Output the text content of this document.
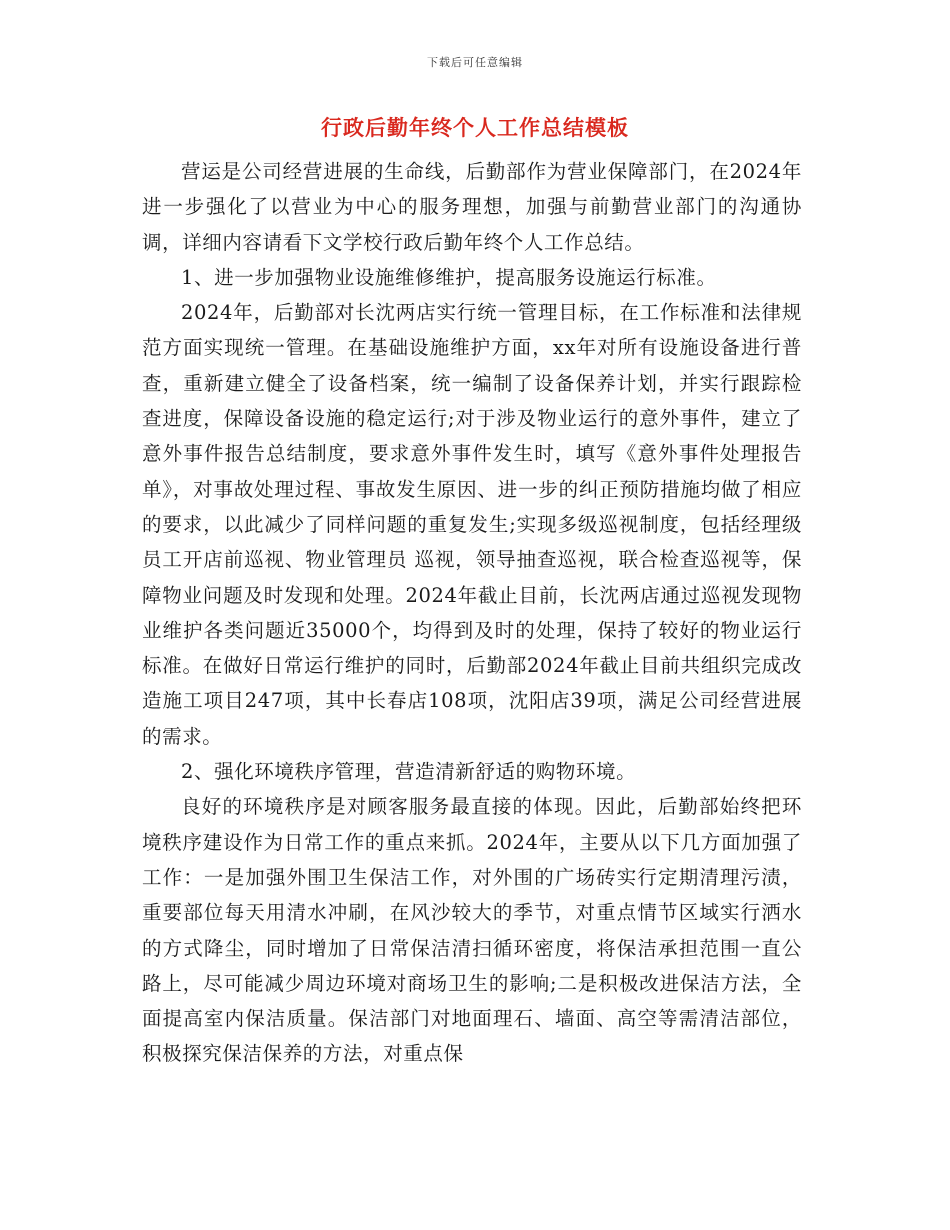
下载后可任意编辑
行政后勤年终个人工作总结模板

营运是公司经营进展的生命线，后勤部作为营业保障部门，在2024年进一步强化了以营业为中心的服务理想，加强与前勤营业部门的沟通协调，详细内容请看下文学校行政后勤年终个人工作总结。

1、进一步加强物业设施维修维护，提高服务设施运行标准。

2024年，后勤部对长沈两店实行统一管理目标，在工作标准和法律规范方面实现统一管理。在基础设施维护方面，xx年对所有设施设备进行普查，重新建立健全了设备档案，统一编制了设备保养计划，并实行跟踪检查进度，保障设备设施的稳定运行;对于涉及物业运行的意外事件，建立了意外事件报告总结制度，要求意外事件发生时，填写《意外事件处理报告单》，对事故处理过程、事故发生原因、进一步的纠正预防措施均做了相应的要求，以此减少了同样问题的重复发生;实现多级巡视制度，包括经理级员工开店前巡视、物业管理员 巡视，领导抽查巡视，联合检查巡视等，保障物业问题及时发现和处理。2024年截止目前，长沈两店通过巡视发现物业维护各类问题近35000个，均得到及时的处理，保持了较好的物业运行标准。在做好日常运行维护的同时，后勤部2024年截止目前共组织完成改造施工项目247项，其中长春店108项，沈阳店39项，满足公司经营进展的需求。

2、强化环境秩序管理，营造清新舒适的购物环境。

良好的环境秩序是对顾客服务最直接的体现。因此，后勤部始终把环境秩序建设作为日常工作的重点来抓。2024年，主要从以下几方面加强了工作：一是加强外围卫生保洁工作，对外围的广场砖实行定期清理污渍，重要部位每天用清水冲刷，在风沙较大的季节，对重点情节区域实行洒水的方式降尘，同时增加了日常保洁清扫循环密度，将保洁承担范围一直公路上，尽可能减少周边环境对商场卫生的影响;二是积极改进保洁方法，全面提高室内保洁质量。保洁部门对地面理石、墙面、高空等需清洁部位，积极探究保洁保养的方法，对重点保
